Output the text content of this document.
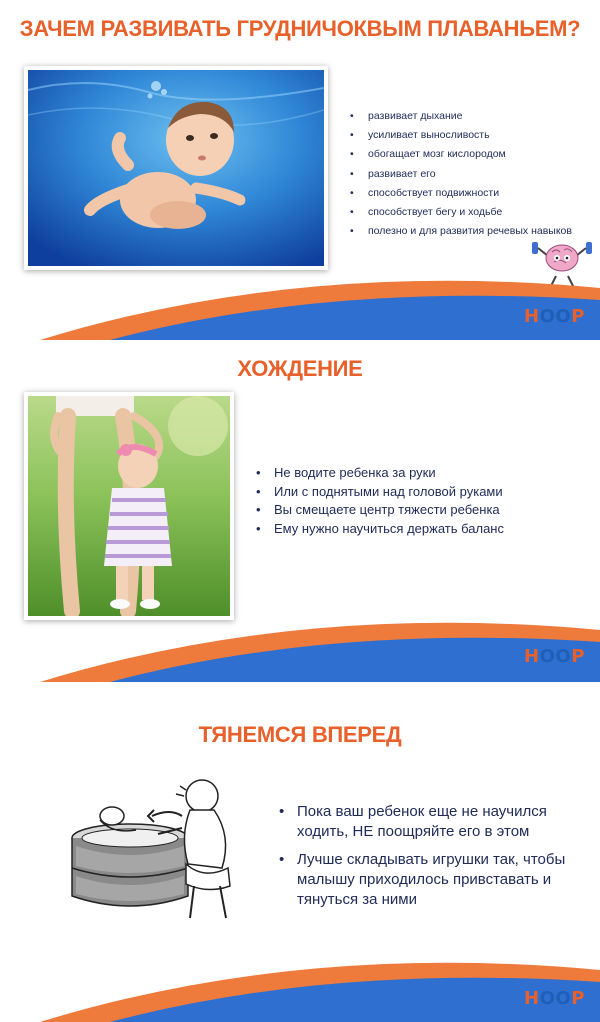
ЗАЧЕМ РАЗВИВАТЬ ГРУДНИЧОКВЫМ ПЛАВАНЬЕМ?
• развивает дыхание
• усиливает выносливость
• обогащает мозг кислородом
• развивает его
• способствует подвижности
• способствует бегу и ходьбе
• полезно и для развития речевых навыков
HOOP
ХОЖДЕНИЕ
• Не водите ребенка за руки
• Или с поднятыми над головой руками
• Вы смещаете центр тяжести ребенка
• Ему нужно научиться держать баланс
HOOP
ТЯНЕМСЯ ВПЕРЕД
• Пока ваш ребенок еще не научился ходить, НЕ поощряйте его в этом
• Лучше складывать игрушки так, чтобы малышу приходилось привставать и тянуться за ними
HOOP
